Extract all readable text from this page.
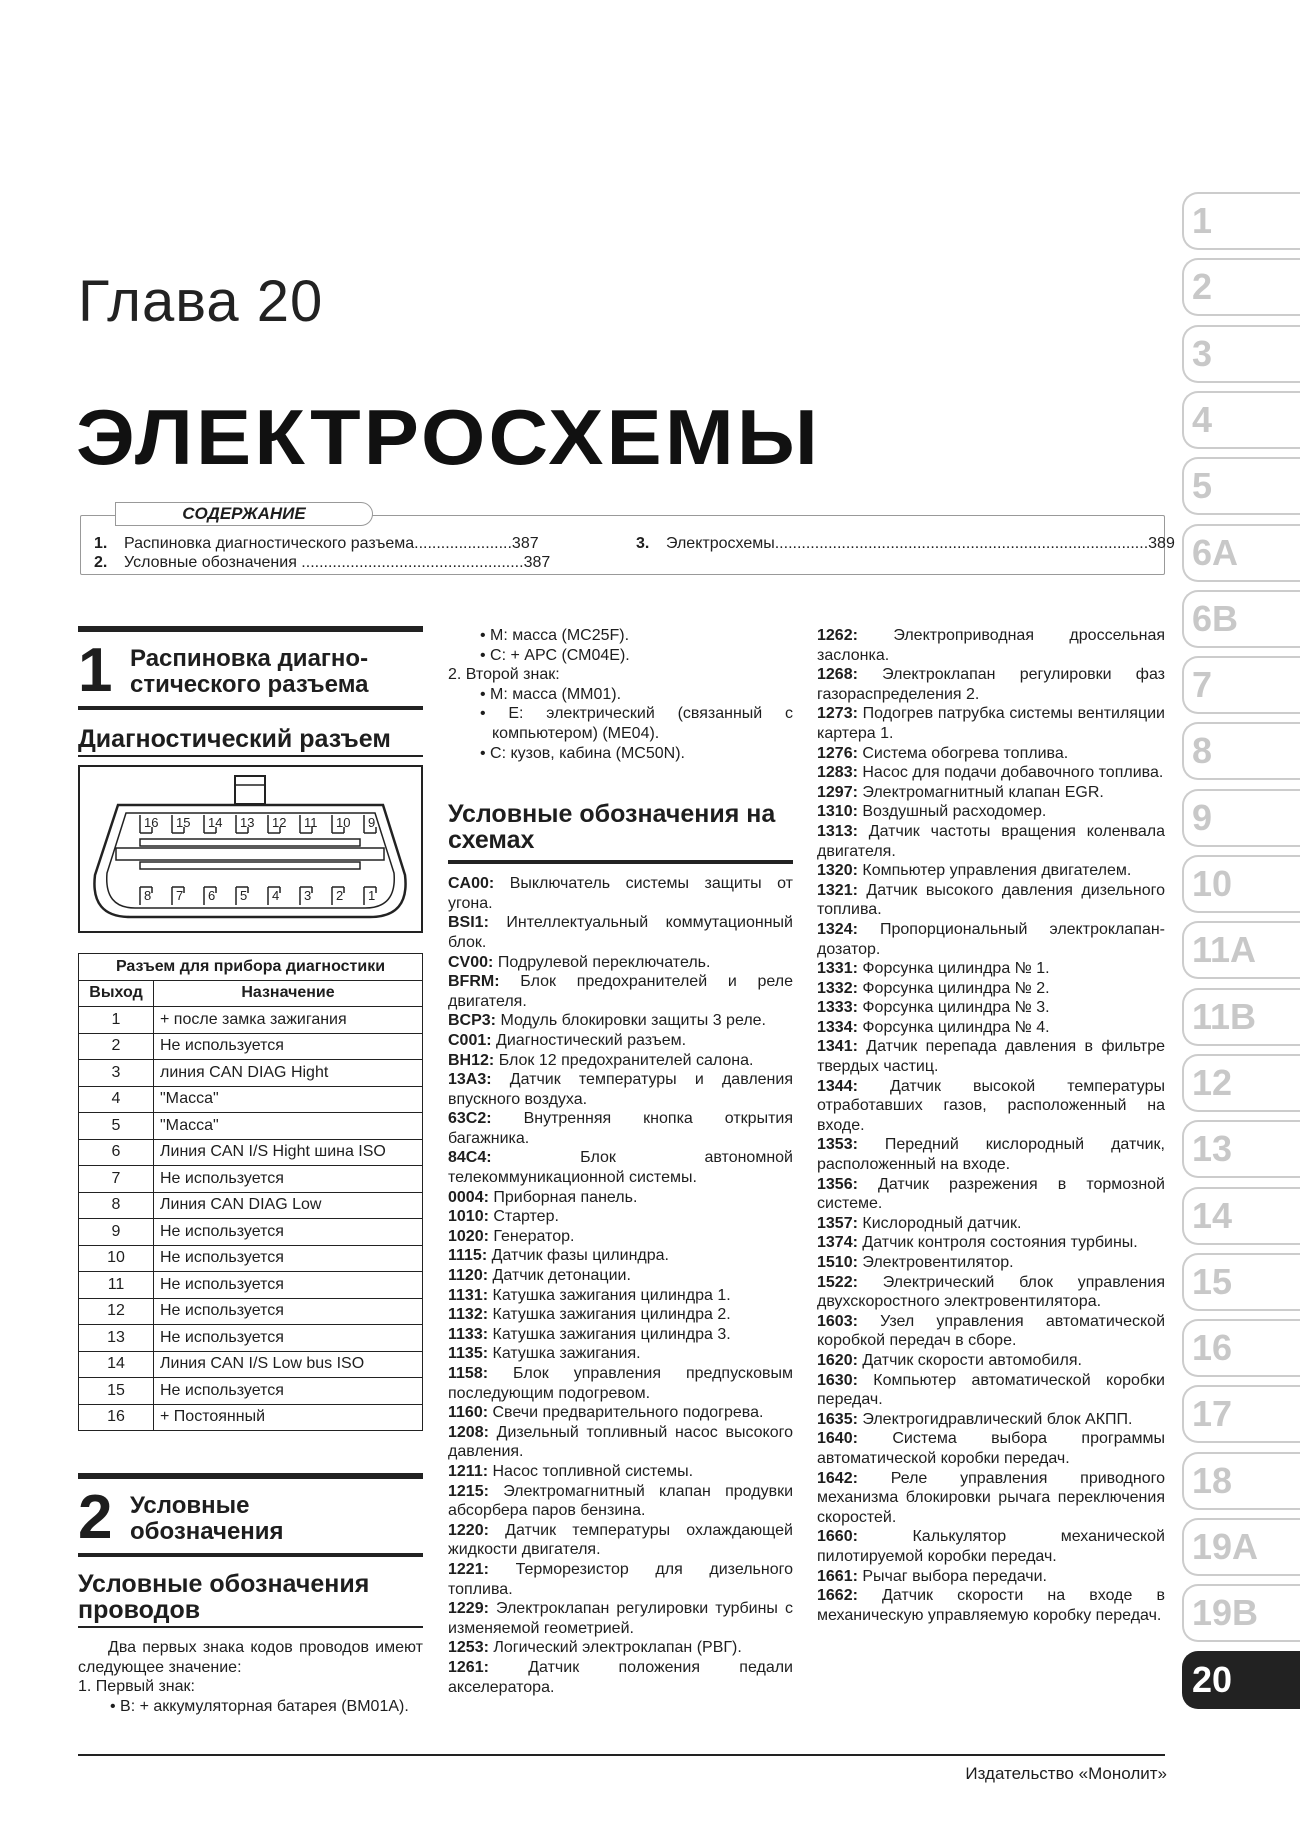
Глава 20
ЭЛЕКТРОСХЕМЫ
СОДЕРЖАНИЕ
1. Распиновка диагностического разъема......................387
2. Условные обозначения ..................................................387
3. Электросхемы....................................................................................389
1 Распиновка диагно-
стического разъема
Диагностический разъем
16 15 14 13 12 11 10 9
8 7 6 5 4 3 2 1
Разъем для прибора диагностики	
Выход	Назначение
1	+ после замка зажигания
2	Не используется
3	линия CAN DIAG Hight
4	"Масса"
5	"Масса"
6	Линия CAN I/S Hight шина ISO
7	Не используется
8	Линия CAN DIAG Low
9	Не используется
10	Не используется
11	Не используется
12	Не используется
13	Не используется
14	Линия CAN I/S Low bus ISO
15	Не используется
16	+ Постоянный
2 Условные
обозначения
Условные обозначения проводов
Два первых знака кодов проводов имеют следующее значение:
1. Первый знак:
• В: + аккумуляторная батарея (ВМ01А).
• М: масса (МС25F).
• С: + АРС (СМ04Е).
2. Второй знак:
• М: масса (ММ01).
• Е: электрический (связанный с компьютером) (МЕ04).
• С: кузов, кабина (МС50N).
Условные обозначения на схемах
CA00: Выключатель системы защиты от угона.
BSI1: Интеллектуальный коммутационный блок.
CV00: Подрулевой переключатель.
BFRM: Блок предохранителей и реле двигателя.
BCP3: Модуль блокировки защиты 3 реле.
C001: Диагностический разъем.
BH12: Блок 12 предохранителей салона.
13A3: Датчик температуры и давления впускного воздуха.
63C2: Внутренняя кнопка открытия багажника.
84C4:	Блок автономной телекоммуникационной системы.
0004: Приборная панель.
1010: Стартер.
1020: Генератор.
1115: Датчик фазы цилиндра.
1120: Датчик детонации.
1131: Катушка зажигания цилиндра 1.
1132: Катушка зажигания цилиндра 2.
1133: Катушка зажигания цилиндра 3.
1135: Катушка зажигания.
1158: Блок управления предпусковым последующим подогревом.
1160: Свечи предварительного подогрева.
1208: Дизельный топливный насос высокого давления.
1211: Насос топливной системы.
1215: Электромагнитный клапан продувки абсорбера паров бензина.
1220: Датчик температуры охлаждающей жидкости двигателя.
1221: Терморезистор для дизельного топлива.
1229: Электроклапан регулировки турбины с изменяемой геометрией.
1253: Логический электроклапан (РВГ).
1261: Датчик положения педали акселератора.
1262: Электроприводная дроссельная заслонка.
1268: Электроклапан регулировки фаз газораспределения 2.
1273: Подогрев патрубка системы вентиляции картера 1.
1276: Система обогрева топлива.
1283: Насос для подачи добавочного топлива.
1297: Электромагнитный клапан EGR.
1310: Воздушный расходомер.
1313: Датчик частоты вращения коленвала двигателя.
1320: Компьютер управления двигателем.
1321: Датчик высокого давления дизельного топлива.
1324: Пропорциональный электроклапан-дозатор.
1331: Форсунка цилиндра № 1.
1332: Форсунка цилиндра № 2.
1333: Форсунка цилиндра № 3.
1334: Форсунка цилиндра № 4.
1341: Датчик перепада давления в фильтре твердых частиц.
1344: Датчик высокой температуры отработавших газов, расположенный на входе.
1353: Передний кислородный датчик, расположенный на входе.
1356: Датчик разрежения в тормозной системе.
1357: Кислородный датчик.
1374: Датчик контроля состояния турбины.
1510: Электровентилятор.
1522: Электрический блок управления двухскоростного электровентилятора.
1603: Узел управления автоматической коробкой передач в сборе.
1620: Датчик скорости автомобиля.
1630: Компьютер автоматической коробки передач.
1635: Электрогидравлический блок АКПП.
1640: Система выбора программы автоматической коробки передач.
1642: Реле управления приводного механизма блокировки рычага переключения скоростей.
1660:	Калькулятор механической пилотируемой коробки передач.
1661: Рычаг выбора передачи.
1662: Датчик скорости на входе в механическую управляемую коробку передач.
1
2
3
4
5
6A
6B
7
8
9
10
11A
11B
12
13
14
15
16
17
18
19A
19B
20
Издательство «Монолит»
